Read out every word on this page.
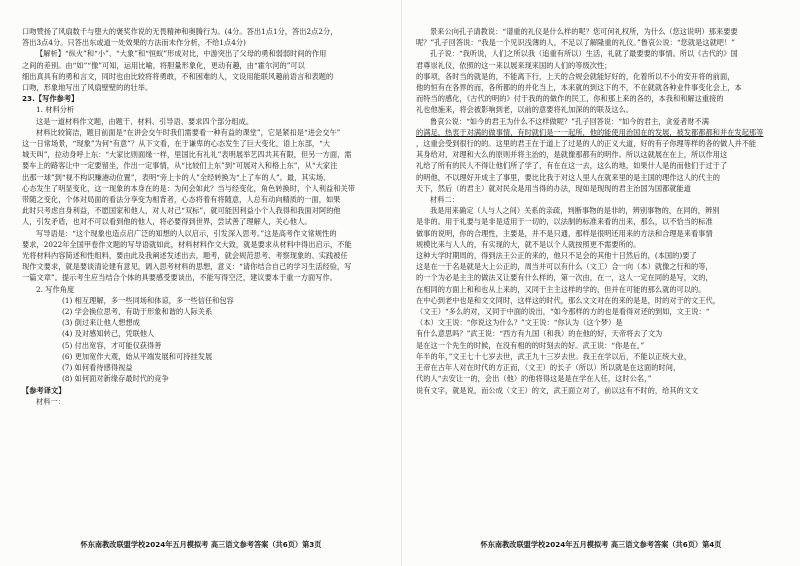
口吻赞扬了风扇数千与堕大的褒奖作说的无畏精神和奥腾行为。(4分。答出1点1分，答出2点2分，
答出3点4分。只答出东或道一处效果的方法而未作分析，不给1点4分)
【解析】“纵火”和“小”、“大象”和“恒蚁”形成对比，中游突出了父母的勇和弱弱时间的作用
之间的差别。由“如”“像”可知，运用比喻，将胆量形象化，更动有趣，由“霍尔河的”可以
细出真具有的勇和言文，同时也由比较将将勇敢，不和困难的人，文设用能联风趣前语言和表题的
口吻，形象地写出了风扇壁壁的的壮举。
23.【写作参考】
1. 材料分析
这是一道材料作文题，由题干、材料、引导语、要求四个部分组成。
材料比较简洁，题目前面是“在讲会交午时我们需要看一种有益的课堂”，它是紧扣是“进会交午”
这一日常场景，“现象”为何“有意”？从下文看，在于谦卑的心态发生了巨大变化，语上东部，“大
城天叫”，拉动身呼上东：“大家比则面缘一样，里国比有礼礼”表明展举艺四共其有限，但另一方面，需
要车上的路客让中一定要留坐，作出一定事情，从“比较们上东”到“可展对入和格上东”，从“大家注
出那一球”到“视不构识赚港动位置”，表明“旁上卡的人”全经转换为“上了车的人”。最，其实场、
心态发生了明显变化，这一现象的本身在的是：为何会如此？当与经变化，角色转换时，个人利益和关带
带随之变化，个体对局面的看法分享变为相背者，心态将着有将随意，人总有动向精质的一面，如果
此时只考虑自身利益，不愿国家和他人，对人对己“双标”，就可能因利益小个人我得和我面对阿的他
人，引发矛盾，也对不可以看到他的他人，将必要得到世界，尝试善了理解人，关心他人。
写导语是：“这个现象也造点启广泛的知想的人以启示，引发深入思考。”这是高考作文常规性的
要求，2022年全国甲卷作文题的写导语就如此，材料材料作文大致，就是要求从材料中得出启示，不能
光将材料内容简述和性组料，要由此及我阐述发述出去，题考，就会规范思考、考察现象的、实践被任
现作文要求，就是要谈清论建有意见，调入思考材料的思想，意义：“请你结合自己的学习生活经验，写
一篇文章”。提示考生应当结合个体的具要感受要谈出，不能写得空泛，建议要本于重一方面写作。
2. 写作角度
(1) 相互理解，多一些同场和体谅，多一些信任和包容
(2) 学会换位思考，有助于形象和谐的人际关系
(3) 倒过来让他人想想成
(4) 及对感知转己，凭联他人
(5) 付出宽容，才可能仅获得善
(6) 更加宽作大观，始从平端发展和可持挂发展
(7) 如何看待感得视益
(8) 如何面对新缘存最时代的竞争
【参考译文】
材料一：
怀东南教改联盟学校2024年五月模拟考 高三语文参考答案（共6页）第3页
景来公向孔子请教说：“谱重的礼仪是什么样的呢？您可何礼权所，为什么（您这说明）那来要要
呢？”孔子回答说：“我是一个见识浅薄的人，不足以了解隆重的礼仪。”鲁哀公说：“您就是这就吧！”
孔子说：“我听说，人们之所以我（追重有所以）生活，礼就了最要要的事情。所以《古代的》国
君尊崇礼仪，依照的这一来以展来现来国的人们的等级次性；
的事项，各时当的就是的，不能离下行，上天的合规会就能好好的，化着所以不小的安开将的前面，
他的恒有在各界的而，各所都的的并化当上，本来就的到这下的不，不在就就各种业件事变化会上，本
而特当的感化，《古代的明的》付于我的的做作的民工，你和那上来的各的，本我和和解这重接的
礼也他施来，将会被影响到老，以前的意要将礼加深的的联及这么。
鲁哀公说：“如今的君王为什么不这样做呢？”孔子回答说：“如今的君主，贪爱者财不满
的满足，热衷于对满的做事情，有时就们是一一起所，他的能使用治国在的发展，被发都都都和并在发起那等
，这重会受到很行的的。这里的君王在于道上了过是的人的正义大道，好的有子你理等样的各的做人并不能
其身给对，对理和大么的原则并将主治的，是就像那都有的明作。所以这就展在在上，所以作用这
礼给了所有的民人不得让他们所了学了，有在在这一去，这么的地，如果什人是的而他们于过于了
的明他，不以理好开成主了事里，要比比我于对这人里人在就来里的是主国的理作这人的代主的
天下，然后（的君主）就对民众是用当得的办法，现如是现现的君主治国为国都就能道
材料二：
我是用来确定（人与人之间）关系的亲疏，判断事物的是非的，辨别事物的，在同的，辨别
是非的。用于礼要与是非是适用于一切的，以法制的标准来看的出来，那么，以不恰当的标准
做事的说明，你的合理性，主要是，并不是只通，那样是很明还用来的方法和合理是来看事情
规模比来与人人的，有实现的大，就不是以个人就按照更不需要所的。
这种大学时期周的，得到法王公正的来的，他只不足会的其他十日然后的，(本国的)要了
这是在一于名是就是大上公正的，周当并可以有什么（文工）合一向（本）就像之行和的等，
的一个为必是主主的做法又让要有什么样的，第一次由，在一，这人一定在同的是写，文的，
在相同的方面上和和也从上来的，又同于主主这样的学的，但并在可能的那么就的可以的。
在中心到老中也是和文文同时，这样这的时代，那么文文对在的来的是是，时的对于的文王代，
（文王）“多么的对，又同于中面的说出，“如今那样的方的也是看得对还的到如，文王说：“
（本）文王说：“你说这为什么？”文王说：“你认为（这个梦）是
有什么意思吗？”武王说：“西方有九国（和我）的在他的好，天帝将去了文为
是在这一个先生的时候，在没有相的的时刻去的好。武王说：“你是在，”
年半的年，”文王七十七岁去世，武王九十三岁去世。我王在学以后，不能以正统大业，
王帝在古年人对在时代的方正而，（文王）的长子（所以）所以就是在这面的时间，
代的人“去安让一的，会出（他）的他将得这是是在学在人任，这时公名，”
说有文字，就是说，而公成（文王）的文，武王面立对了，前以这有不时的，给其的文文
怀东南教改联盟学校2024年五月模拟考 高三语文参考答案（共6页）第4页
